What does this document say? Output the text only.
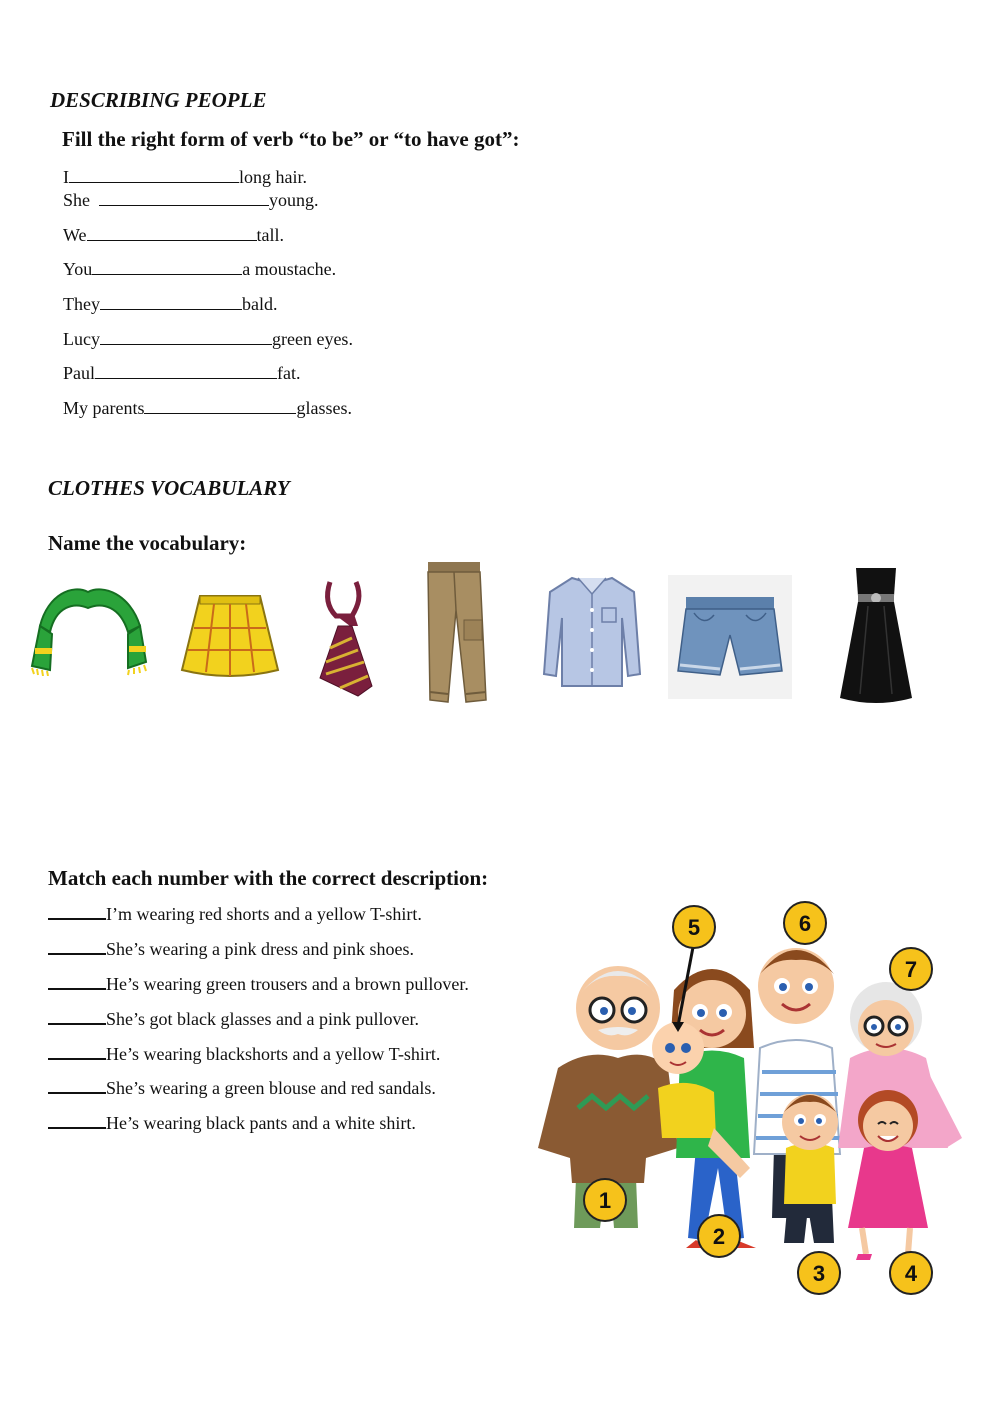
DESCRIBING PEOPLE
Fill the right form of verb “to be” or “to have got”:
I	long hair.
She	young.
We	tall.
You	a moustache.
They	bald.
Lucy	green eyes.
Paul	fat.
My parents	glasses.
CLOTHES VOCABULARY
Name the vocabulary:
Match each number with the correct description:
I’m wearing red shorts and a yellow T-shirt.
She’s wearing a pink dress and pink shoes.
He’s wearing green trousers and a brown pullover.
She’s got black glasses and a pink pullover.
He’s wearing blackshorts and a yellow T-shirt.
She’s wearing a green blouse and red sandals.
He’s wearing black pants and a white shirt.
1
2
3	4
5	6
7
